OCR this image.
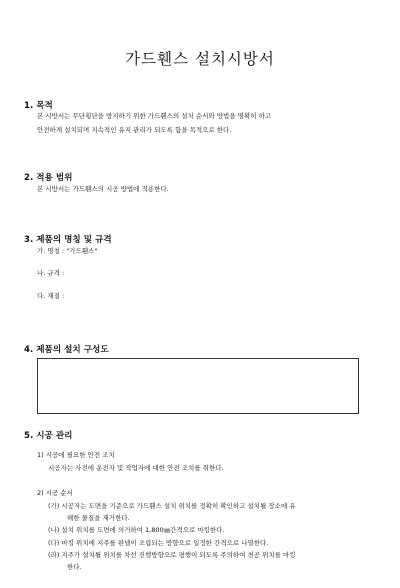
가드휀스 설치시방서
1. 목적
본 시방서는 무단횡단을 방지하기 위한 가드휀스의 설치 순서와 방법을 명확히 하고
안전하게 설치되며 지속적인 유지 관리가 되도록 함을 목적으로 한다.
2. 적용 범위
본 시방서는 가드휀스의 시공 방법에 적용한다.
3. 제품의 명칭 및 규격
가. 명칭 : "가드휀스"
나. 규격 :
다. 재질 :
4. 제품의 설치 구성도
5. 시공 관리
1) 시공에 필요한 안전 조치
시공자는 사전에 운전자 및 작업자에 대한 안전 조치를 취한다.
2) 시공 순서
(가) 시공자는 도면을 기준으로 가드휀스 설치 위치를 정확히 확인하고 설치될 장소에 유
해한 물질을 제거한다.
(나) 설치 위치를 도면에 의거하여 1,800㎜간격으로 마킹한다.
(다) 마킹 위치에 지주를 판넬이 조립되는 방향으로 일정한 간격으로 나열한다.
(라) 지주가 설치될 위치를 차선 진행방향으로 평행이 되도록 주의하여 천공 위치를 마킹
한다.
